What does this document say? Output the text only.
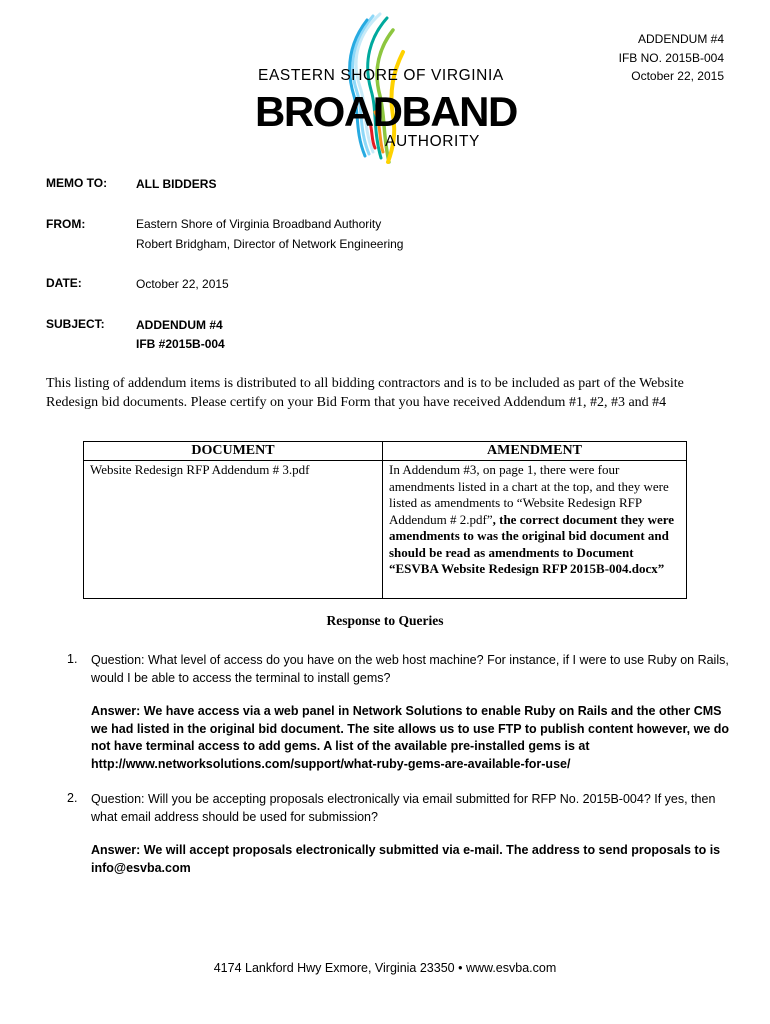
EASTERN SHORE OF VIRGINIA
BROADBAND
AUTHORITY
ADDENDUM #4
IFB NO. 2015B-004
October 22, 2015
MEMO TO: ALL BIDDERS
FROM:	Eastern Shore of Virginia Broadband Authority
Robert Bridgham, Director of Network Engineering
DATE:	October 22, 2015
SUBJECT:	ADDENDUM #4
IFB #2015B-004
This listing of addendum items is distributed to all bidding contractors and is to be included as part of the Website Redesign bid documents. Please certify on your Bid Form that you have received Addendum #1, #2, #3 and #4
DOCUMENT	AMENDMENT
Website Redesign RFP Addendum # 3.pdf	In Addendum #3, on page 1, there were four amendments listed in a chart at the top, and they were listed as amendments to “Website Redesign RFP Addendum # 2.pdf”, the correct document they were amendments to was the original bid document and should be read as amendments to Document “ESVBA Website Redesign RFP 2015B-004.docx”
Response to Queries
1. Question: What level of access do you have on the web host machine? For instance, if I were to use Ruby on Rails, would I be able to access the terminal to install gems?
Answer: We have access via a web panel in Network Solutions to enable Ruby on Rails and the other CMS we had listed in the original bid document. The site allows us to use FTP to publish content however, we do not have terminal access to add gems. A list of the available pre-installed gems is at http://www.networksolutions.com/support/what-ruby-gems-are-available-for-use/
2. Question: Will you be accepting proposals electronically via email submitted for RFP No. 2015B-004? If yes, then what email address should be used for submission?
Answer: We will accept proposals electronically submitted via e-mail. The address to send proposals to is info@esvba.com
4174 Lankford Hwy Exmore, Virginia 23350 • www.esvba.com
